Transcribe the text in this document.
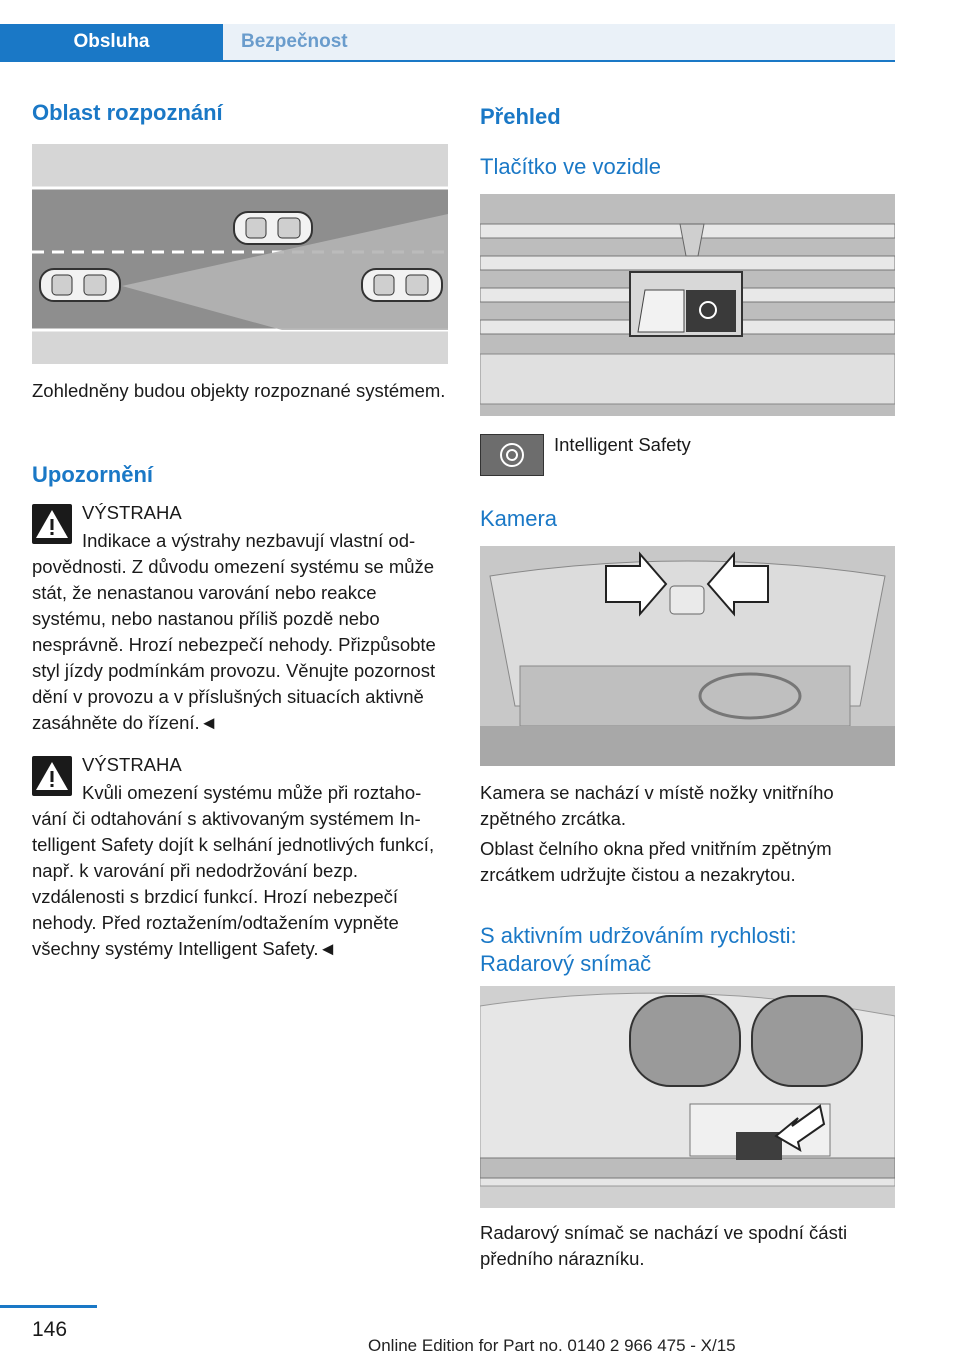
Obsluha	Bezpečnost
Oblast rozpoznání

Zohledněny budou objekty rozpoznané systémem.

Upozornění
VÝSTRAHA
Indikace a výstrahy nezbavují vlastní odpovědnosti. Z důvodu omezení systému se může stát, že nenastanou varování nebo reakce systému, nebo nastanou příliš pozdě nebo nesprávně. Hrozí nebezpečí nehody. Přizpůsobte styl jízdy podmínkám provozu. Věnujte pozornost dění v provozu a v příslušných situacích aktivně zasáhněte do řízení.◄
VÝSTRAHA
Kvůli omezení systému může při roztahování či odtahování s aktivovaným systémem Intelligent Safety dojít k selhání jednotlivých funkcí, např. k varování při nedodržování bezp. vzdálenosti s brzdicí funkcí. Hrozí nebezpečí nehody. Před roztažením/odtažením vypněte všechny systémy Intelligent Safety.◄
Přehled
Tlačítko ve vozidle
Intelligent Safety
Kamera

Kamera se nachází v místě nožky vnitřního zpětného zrcátka.

Oblast čelního okna před vnitřním zpětným zrcátkem udržujte čistou a nezakrytou.

S aktivním udržováním rychlosti: Radarový snímač

Radarový snímač se nachází ve spodní části předního nárazníku.

146
Online Edition for Part no. 0140 2 966 475 - X/15
